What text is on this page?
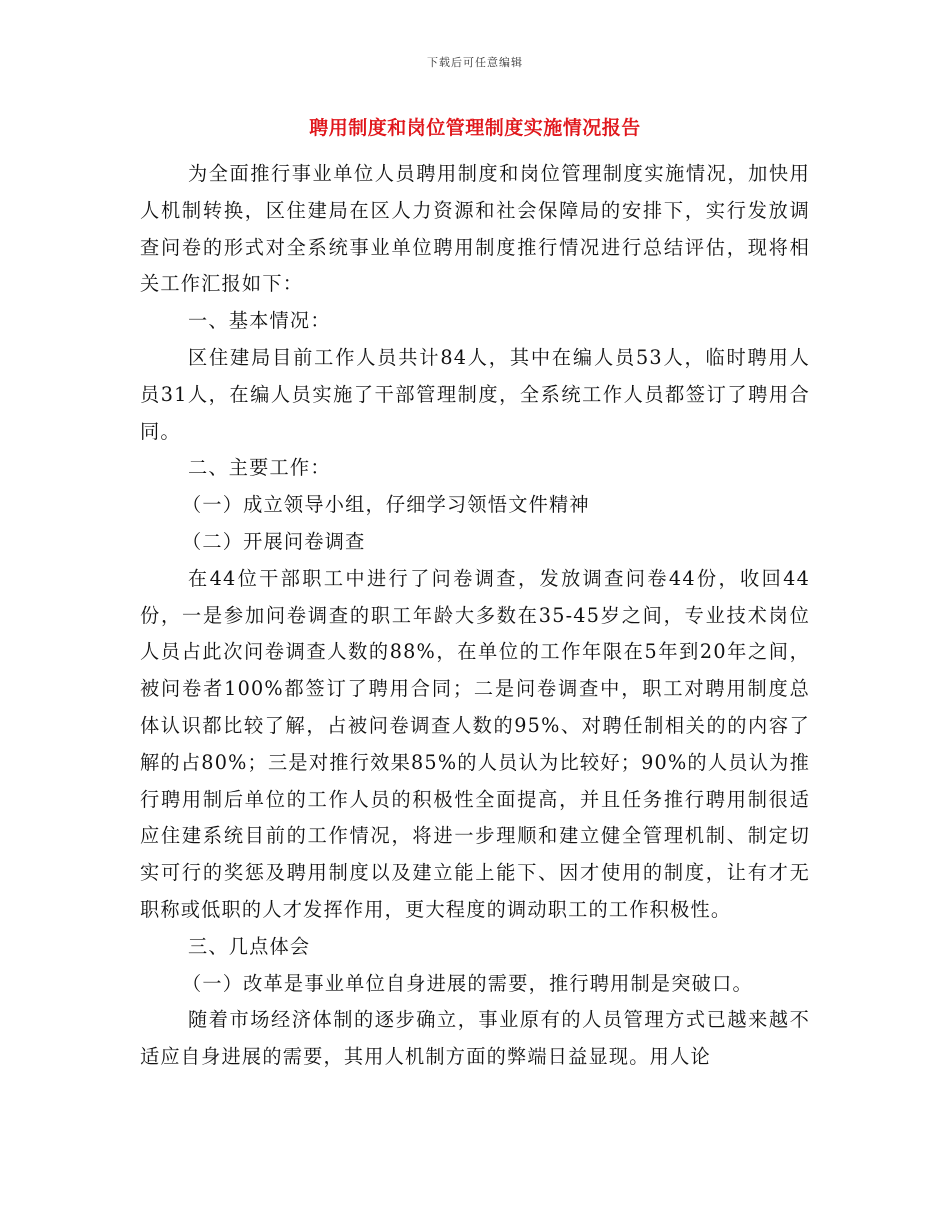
下载后可任意编辑
聘用制度和岗位管理制度实施情况报告

为全面推行事业单位人员聘用制度和岗位管理制度实施情况，加快用人机制转换，区住建局在区人力资源和社会保障局的安排下，实行发放调查问卷的形式对全系统事业单位聘用制度推行情况进行总结评估，现将相关工作汇报如下：

一、基本情况：

区住建局目前工作人员共计84人，其中在编人员53人，临时聘用人员31人，在编人员实施了干部管理制度，全系统工作人员都签订了聘用合同。

二、主要工作：

（一）成立领导小组，仔细学习领悟文件精神

（二）开展问卷调查

在44位干部职工中进行了问卷调查，发放调查问卷44份，收回44份，一是参加问卷调查的职工年龄大多数在35-45岁之间，专业技术岗位人员占此次问卷调查人数的88%，在单位的工作年限在5年到20年之间，被问卷者100%都签订了聘用合同；二是问卷调查中，职工对聘用制度总体认识都比较了解，占被问卷调查人数的95%、对聘任制相关的的内容了解的占80%；三是对推行效果85%的人员认为比较好；90%的人员认为推行聘用制后单位的工作人员的积极性全面提高，并且任务推行聘用制很适应住建系统目前的工作情况，将进一步理顺和建立健全管理机制、制定切实可行的奖惩及聘用制度以及建立能上能下、因才使用的制度，让有才无职称或低职的人才发挥作用，更大程度的调动职工的工作积极性。

三、几点体会

（一）改革是事业单位自身进展的需要，推行聘用制是突破口。

随着市场经济体制的逐步确立，事业原有的人员管理方式已越来越不适应自身进展的需要，其用人机制方面的弊端日益显现。用人论
